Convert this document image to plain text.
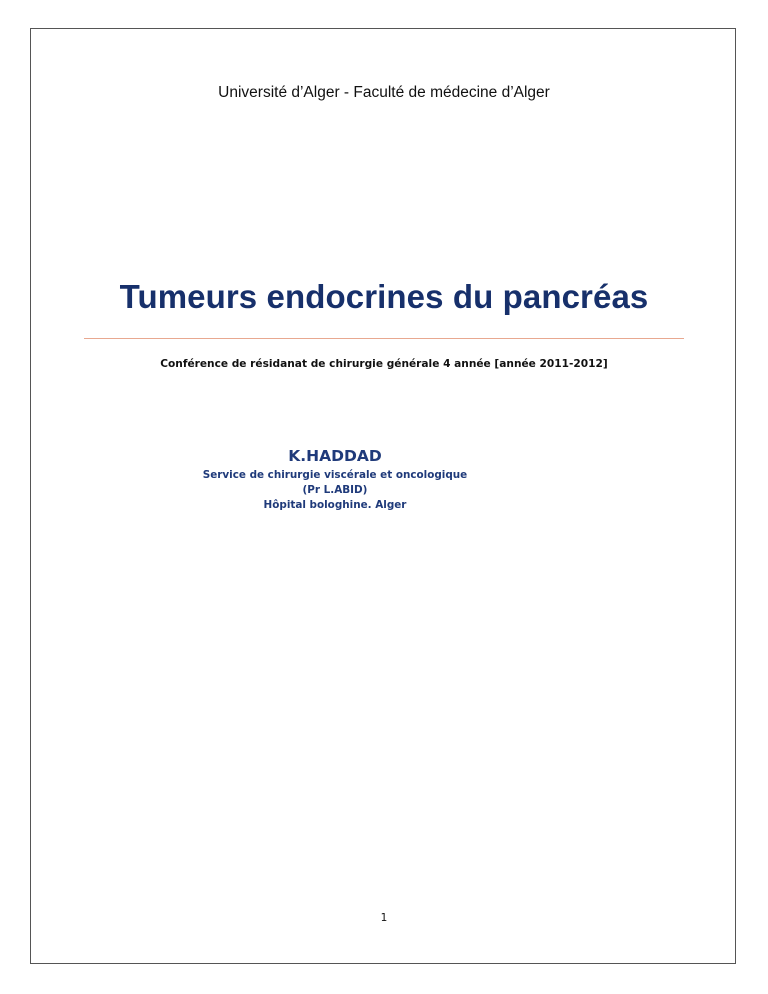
Université d’Alger - Faculté de médecine d’Alger
Tumeurs endocrines du pancréas
Conférence de résidanat de chirurgie générale 4 année [année 2011-2012]
K.HADDAD
Service de chirurgie viscérale et oncologique
(Pr L.ABID)
Hôpital bologhine. Alger
1
